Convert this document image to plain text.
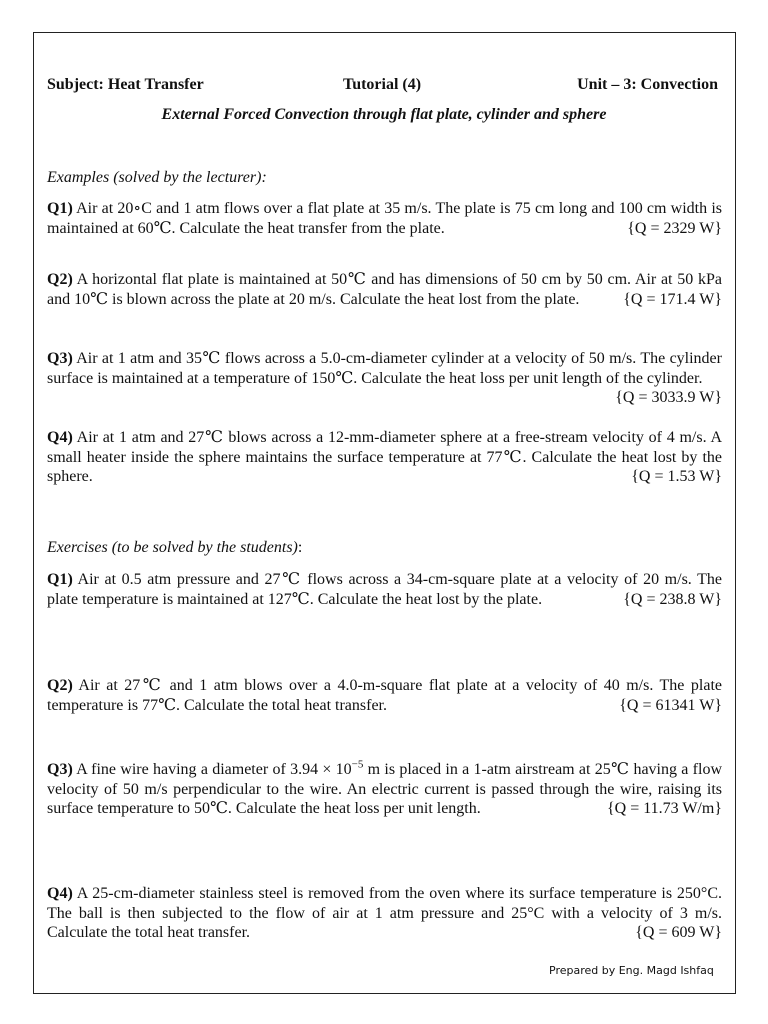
Subject: Heat Transfer	Tutorial (4)	Unit – 3: Convection
External Forced Convection through flat plate, cylinder and sphere
Examples (solved by the lecturer):
Q1) Air at 20∘C and 1 atm flows over a flat plate at 35 m/s. The plate is 75 cm long and 100 cm width is maintained at 60℃. Calculate the heat transfer from the plate.	{Q = 2329 W}
Q2) A horizontal flat plate is maintained at 50℃ and has dimensions of 50 cm by 50 cm. Air at 50 kPa and 10℃ is blown across the plate at 20 m/s. Calculate the heat lost from the plate.	{Q = 171.4 W}
Q3) Air at 1 atm and 35℃ flows across a 5.0-cm-diameter cylinder at a velocity of 50 m/s. The cylinder surface is maintained at a temperature of 150℃. Calculate the heat loss per unit length of the cylinder.
{Q = 3033.9 W}
Q4) Air at 1 atm and 27℃ blows across a 12-mm-diameter sphere at a free-stream velocity of 4 m/s. A small heater inside the sphere maintains the surface temperature at 77℃. Calculate the heat lost by the sphere.	{Q = 1.53 W}
Exercises (to be solved by the students):
Q1) Air at 0.5 atm pressure and 27℃ flows across a 34-cm-square plate at a velocity of 20 m/s. The plate temperature is maintained at 127℃. Calculate the heat lost by the plate.	{Q = 238.8 W}
Q2) Air at 27℃ and 1 atm blows over a 4.0-m-square flat plate at a velocity of 40 m/s. The plate temperature is 77℃. Calculate the total heat transfer.	{Q = 61341 W}
Q3) A fine wire having a diameter of $3.94 \times 10^{-5}$ m is placed in a 1-atm airstream at 25℃ having a flow velocity of 50 m/s perpendicular to the wire. An electric current is passed through the wire, raising its surface temperature to 50℃. Calculate the heat loss per unit length.	{Q = 11.73 W/m}
Q4) A 25-cm-diameter stainless steel is removed from the oven where its surface temperature is 250°C. The ball is then subjected to the flow of air at 1 atm pressure and 25°C with a velocity of 3 m/s. Calculate the total heat transfer.	{Q = 609 W}
Prepared by Eng. Magd Ishfaq
